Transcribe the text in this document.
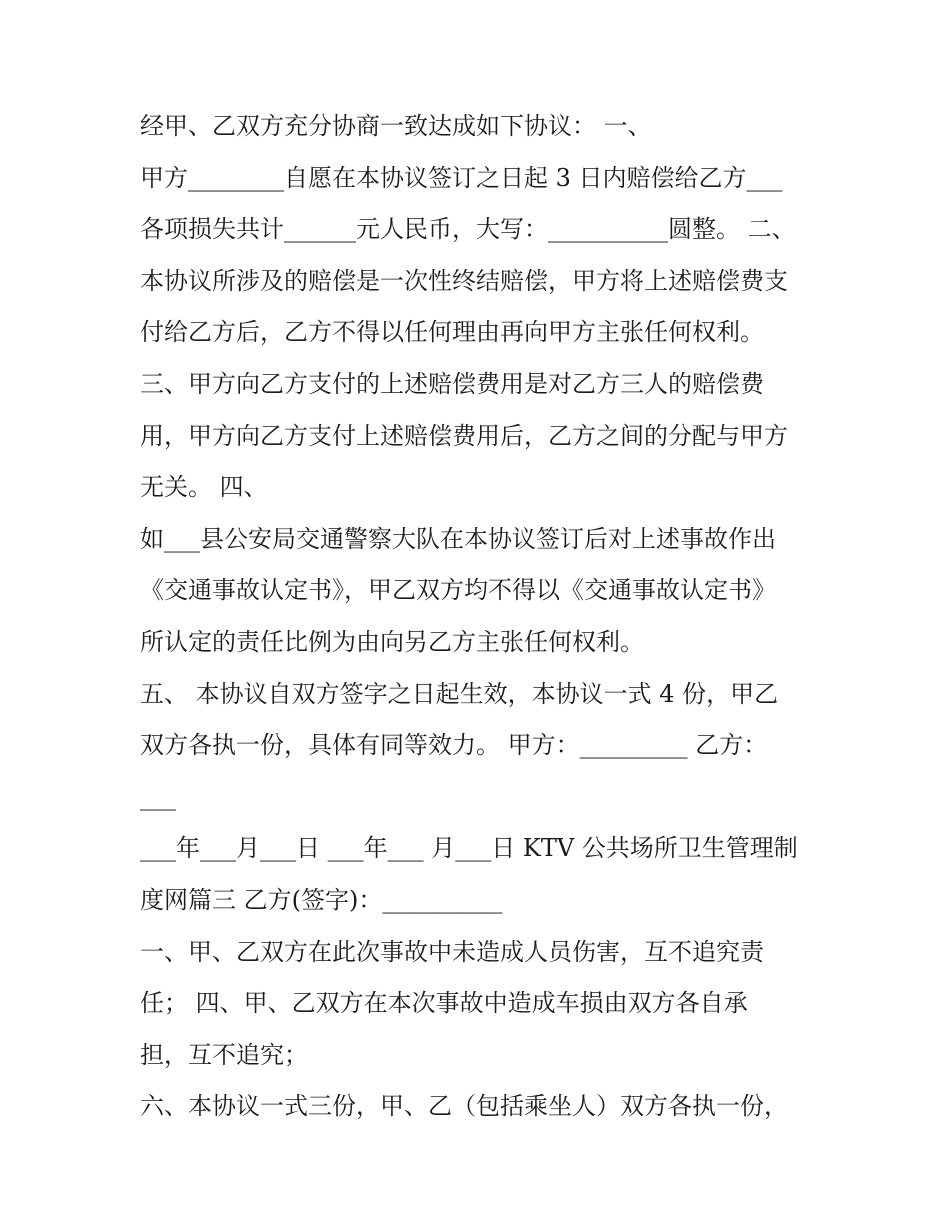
经甲、乙双方充分协商一致达成如下协议： 一、
甲方________自愿在本协议签订之日起 3 日内赔偿给乙方___
各项损失共计______元人民币，大写：__________圆整。 二、
本协议所涉及的赔偿是一次性终结赔偿，甲方将上述赔偿费支
付给乙方后，乙方不得以任何理由再向甲方主张任何权利。
三、甲方向乙方支付的上述赔偿费用是对乙方三人的赔偿费
用，甲方向乙方支付上述赔偿费用后，乙方之间的分配与甲方
无关。 四、
如___县公安局交通警察大队在本协议签订后对上述事故作出
《交通事故认定书》，甲乙双方均不得以《交通事故认定书》
所认定的责任比例为由向另乙方主张任何权利。
五、 本协议自双方签字之日起生效，本协议一式 4 份，甲乙
双方各执一份，具体有同等效力。 甲方：_________ 乙方：
___
___年___月___日 ___年___ 月___日 KTV 公共场所卫生管理制
度网篇三 乙方(签字)：__________
一、甲、乙双方在此次事故中未造成人员伤害，互不追究责
任； 四、甲、乙双方在本次事故中造成车损由双方各自承
担，互不追究；
六、本协议一式三份，甲、乙（包括乘坐人）双方各执一份，
